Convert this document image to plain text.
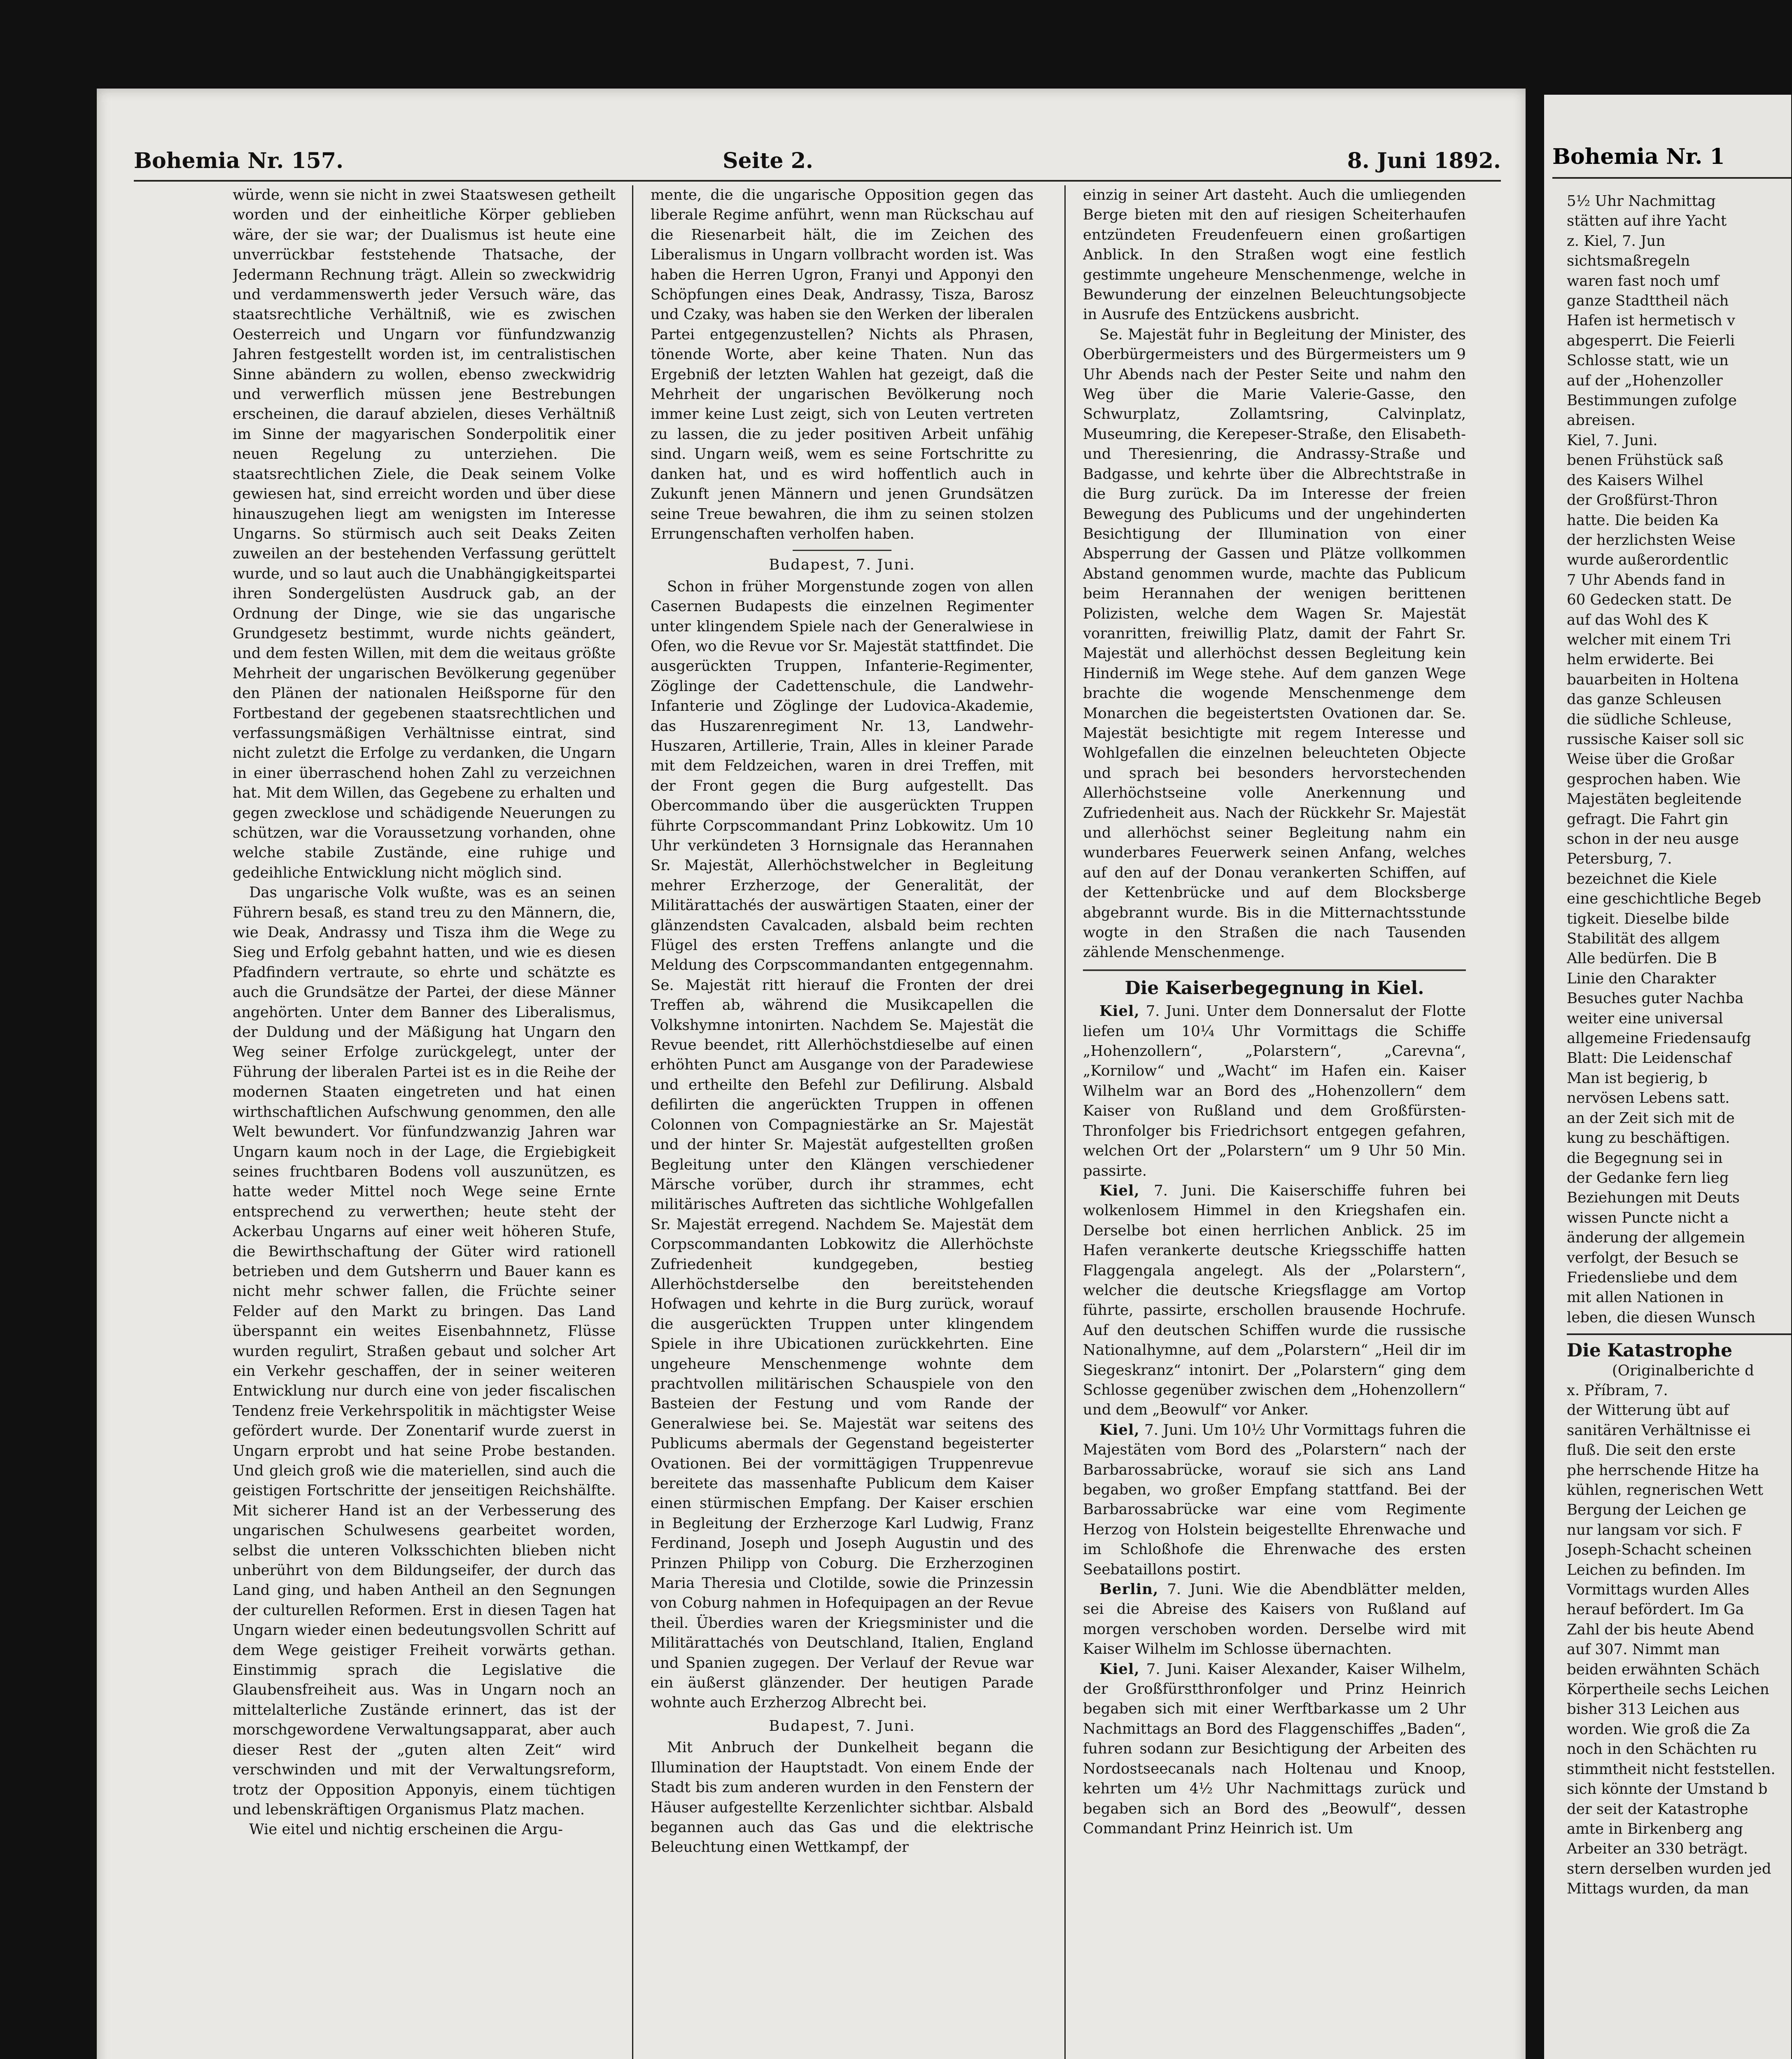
Bohemia Nr. 157.	Seite 2.	8. Juni 1892.

würde, wenn sie nicht in zwei Staatswesen getheilt worden und der einheitliche Körper geblieben wäre, der sie war; der Dualismus ist heute eine unverrückbar feststehende Thatsache, der Jedermann Rechnung trägt. Allein so zweckwidrig und verdammenswerth jeder Versuch wäre, das staatsrechtliche Verhältniß, wie es zwischen Oesterreich und Ungarn vor fünfundzwanzig Jahren festgestellt worden ist, im centralistischen Sinne abändern zu wollen, ebenso zweckwidrig und verwerflich müssen jene Bestrebungen erscheinen, die darauf abzielen, dieses Verhältniß im Sinne der magyarischen Sonderpolitik einer neuen Regelung zu unterziehen. Die staatsrechtlichen Ziele, die Deak seinem Volke gewiesen hat, sind erreicht worden und über diese hinauszugehen liegt am wenigsten im Interesse Ungarns. So stürmisch auch seit Deaks Zeiten zuweilen an der bestehenden Verfassung gerüttelt wurde, und so laut auch die Unabhängigkeitspartei ihren Sondergelüsten Ausdruck gab, an der Ordnung der Dinge, wie sie das ungarische Grundgesetz bestimmt, wurde nichts geändert, und dem festen Willen, mit dem die weitaus größte Mehrheit der ungarischen Bevölkerung gegenüber den Plänen der nationalen Heißsporne für den Fortbestand der gegebenen staatsrechtlichen und verfassungsmäßigen Verhältnisse eintrat, sind nicht zuletzt die Erfolge zu verdanken, die Ungarn in einer überraschend hohen Zahl zu verzeichnen hat. Mit dem Willen, das Gegebene zu erhalten und gegen zwecklose und schädigende Neuerungen zu schützen, war die Voraussetzung vorhanden, ohne welche stabile Zustände, eine ruhige und gedeihliche Entwicklung nicht möglich sind.

Das ungarische Volk wußte, was es an seinen Führern besaß, es stand treu zu den Männern, die, wie Deak, Andrassy und Tisza ihm die Wege zu Sieg und Erfolg gebahnt hatten, und wie es diesen Pfadfindern vertraute, so ehrte und schätzte es auch die Grundsätze der Partei, der diese Männer angehörten. Unter dem Banner des Liberalismus, der Duldung und der Mäßigung hat Ungarn den Weg seiner Erfolge zurückgelegt, unter der Führung der liberalen Partei ist es in die Reihe der modernen Staaten eingetreten und hat einen wirthschaftlichen Aufschwung genommen, den alle Welt bewundert. Vor fünfundzwanzig Jahren war Ungarn kaum noch in der Lage, die Ergiebigkeit seines fruchtbaren Bodens voll auszunützen, es hatte weder Mittel noch Wege seine Ernte entsprechend zu verwerthen; heute steht der Ackerbau Ungarns auf einer weit höheren Stufe, die Bewirthschaftung der Güter wird rationell betrieben und dem Gutsherrn und Bauer kann es nicht mehr schwer fallen, die Früchte seiner Felder auf den Markt zu bringen. Das Land überspannt ein weites Eisenbahnnetz, Flüsse wurden regulirt, Straßen gebaut und solcher Art ein Verkehr geschaffen, der in seiner weiteren Entwicklung nur durch eine von jeder fiscalischen Tendenz freie Verkehrspolitik in mächtigster Weise gefördert wurde. Der Zonentarif wurde zuerst in Ungarn erprobt und hat seine Probe bestanden. Und gleich groß wie die materiellen, sind auch die geistigen Fortschritte der jenseitigen Reichshälfte. Mit sicherer Hand ist an der Verbesserung des ungarischen Schulwesens gearbeitet worden, selbst die unteren Volksschichten blieben nicht unberührt von dem Bildungseifer, der durch das Land ging, und haben Antheil an den Segnungen der culturellen Reformen. Erst in diesen Tagen hat Ungarn wieder einen bedeutungsvollen Schritt auf dem Wege geistiger Freiheit vorwärts gethan. Einstimmig sprach die Legislative die Glaubensfreiheit aus. Was in Ungarn noch an mittelalterliche Zustände erinnert, das ist der morschgewordene Verwaltungsapparat, aber auch dieser Rest der „guten alten Zeit“ wird verschwinden und mit der Verwaltungsreform, trotz der Opposition Apponyis, einem tüchtigen und lebenskräftigen Organismus Platz machen.

Wie eitel und nichtig erscheinen die Argu-

mente, die die ungarische Opposition gegen das liberale Regime anführt, wenn man Rückschau auf die Riesenarbeit hält, die im Zeichen des Liberalismus in Ungarn vollbracht worden ist. Was haben die Herren Ugron, Franyi und Apponyi den Schöpfungen eines Deak, Andrassy, Tisza, Barosz und Czaky, was haben sie den Werken der liberalen Partei entgegenzustellen? Nichts als Phrasen, tönende Worte, aber keine Thaten. Nun das Ergebniß der letzten Wahlen hat gezeigt, daß die Mehrheit der ungarischen Bevölkerung noch immer keine Lust zeigt, sich von Leuten vertreten zu lassen, die zu jeder positiven Arbeit unfähig sind. Ungarn weiß, wem es seine Fortschritte zu danken hat, und es wird hoffentlich auch in Zukunft jenen Männern und jenen Grundsätzen seine Treue bewahren, die ihm zu seinen stolzen Errungenschaften verholfen haben.

Budapest, 7. Juni.

Schon in früher Morgenstunde zogen von allen Casernen Budapests die einzelnen Regimenter unter klingendem Spiele nach der Generalwiese in Ofen, wo die Revue vor Sr. Majestät stattfindet. Die ausgerückten Truppen, Infanterie-Regimenter, Zöglinge der Cadettenschule, die Landwehr-Infanterie und Zöglinge der Ludovica-Akademie, das Huszarenregiment Nr. 13, Landwehr-Huszaren, Artillerie, Train, Alles in kleiner Parade mit dem Feldzeichen, waren in drei Treffen, mit der Front gegen die Burg aufgestellt. Das Obercommando über die ausgerückten Truppen führte Corpscommandant Prinz Lobkowitz. Um 10 Uhr verkündeten 3 Hornsignale das Herannahen Sr. Majestät, Allerhöchstwelcher in Begleitung mehrer Erzherzoge, der Generalität, der Militärattachés der auswärtigen Staaten, einer der glänzendsten Cavalcaden, alsbald beim rechten Flügel des ersten Treffens anlangte und die Meldung des Corpscommandanten entgegennahm. Se. Majestät ritt hierauf die Fronten der drei Treffen ab, während die Musikcapellen die Volkshymne intonirten. Nachdem Se. Majestät die Revue beendet, ritt Allerhöchstdieselbe auf einen erhöhten Punct am Ausgange von der Paradewiese und ertheilte den Befehl zur Defilirung. Alsbald defilirten die angerückten Truppen in offenen Colonnen von Compagniestärke an Sr. Majestät und der hinter Sr. Majestät aufgestellten großen Begleitung unter den Klängen verschiedener Märsche vorüber, durch ihr strammes, echt militärisches Auftreten das sichtliche Wohlgefallen Sr. Majestät erregend. Nachdem Se. Majestät dem Corpscommandanten Lobkowitz die Allerhöchste Zufriedenheit kundgegeben, bestieg Allerhöchstderselbe den bereitstehenden Hofwagen und kehrte in die Burg zurück, worauf die ausgerückten Truppen unter klingendem Spiele in ihre Ubicationen zurückkehrten. Eine ungeheure Menschenmenge wohnte dem prachtvollen militärischen Schauspiele von den Basteien der Festung und vom Rande der Generalwiese bei. Se. Majestät war seitens des Publicums abermals der Gegenstand begeisterter Ovationen. Bei der vormittägigen Truppenrevue bereitete das massenhafte Publicum dem Kaiser einen stürmischen Empfang. Der Kaiser erschien in Begleitung der Erzherzoge Karl Ludwig, Franz Ferdinand, Joseph und Joseph Augustin und des Prinzen Philipp von Coburg. Die Erzherzoginen Maria Theresia und Clotilde, sowie die Prinzessin von Coburg nahmen in Hofequipagen an der Revue theil. Überdies waren der Kriegsminister und die Militärattachés von Deutschland, Italien, England und Spanien zugegen. Der Verlauf der Revue war ein äußerst glänzender. Der heutigen Parade wohnte auch Erzherzog Albrecht bei.

Budapest, 7. Juni.

Mit Anbruch der Dunkelheit begann die Illumination der Hauptstadt. Von einem Ende der Stadt bis zum anderen wurden in den Fenstern der Häuser aufgestellte Kerzenlichter sichtbar. Alsbald begannen auch das Gas und die elektrische Beleuchtung einen Wettkampf, der

einzig in seiner Art dasteht. Auch die umliegenden Berge bieten mit den auf riesigen Scheiterhaufen entzündeten Freudenfeuern einen großartigen Anblick. In den Straßen wogt eine festlich gestimmte ungeheure Menschenmenge, welche in Bewunderung der einzelnen Beleuchtungsobjecte in Ausrufe des Entzückens ausbricht.

Se. Majestät fuhr in Begleitung der Minister, des Oberbürgermeisters und des Bürgermeisters um 9 Uhr Abends nach der Pester Seite und nahm den Weg über die Marie Valerie-Gasse, den Schwurplatz, Zollamtsring, Calvinplatz, Museumring, die Kerepeser-Straße, den Elisabeth- und Theresienring, die Andrassy-Straße und Badgasse, und kehrte über die Albrechtstraße in die Burg zurück. Da im Interesse der freien Bewegung des Publicums und der ungehinderten Besichtigung der Illumination von einer Absperrung der Gassen und Plätze vollkommen Abstand genommen wurde, machte das Publicum beim Herannahen der wenigen berittenen Polizisten, welche dem Wagen Sr. Majestät voranritten, freiwillig Platz, damit der Fahrt Sr. Majestät und allerhöchst dessen Begleitung kein Hinderniß im Wege stehe. Auf dem ganzen Wege brachte die wogende Menschenmenge dem Monarchen die begeistertsten Ovationen dar. Se. Majestät besichtigte mit regem Interesse und Wohlgefallen die einzelnen beleuchteten Objecte und sprach bei besonders hervorstechenden Allerhöchstseine volle Anerkennung und Zufriedenheit aus. Nach der Rückkehr Sr. Majestät und allerhöchst seiner Begleitung nahm ein wunderbares Feuerwerk seinen Anfang, welches auf den auf der Donau verankerten Schiffen, auf der Kettenbrücke und auf dem Blocksberge abgebrannt wurde. Bis in die Mitternachtsstunde wogte in den Straßen die nach Tausenden zählende Menschenmenge.

Die Kaiserbegegnung in Kiel.

Kiel, 7. Juni. Unter dem Donnersalut der Flotte liefen um 10¼ Uhr Vormittags die Schiffe „Hohenzollern“, „Polarstern“, „Carevna“, „Kornilow“ und „Wacht“ im Hafen ein. Kaiser Wilhelm war an Bord des „Hohenzollern“ dem Kaiser von Rußland und dem Großfürsten-Thronfolger bis Friedrichsort entgegen gefahren, welchen Ort der „Polarstern“ um 9 Uhr 50 Min. passirte.

Kiel, 7. Juni. Die Kaiserschiffe fuhren bei wolkenlosem Himmel in den Kriegshafen ein. Derselbe bot einen herrlichen Anblick. 25 im Hafen verankerte deutsche Kriegsschiffe hatten Flaggengala angelegt. Als der „Polarstern“, welcher die deutsche Kriegsflagge am Vortop führte, passirte, erschollen brausende Hochrufe. Auf den deutschen Schiffen wurde die russische Nationalhymne, auf dem „Polarstern“ „Heil dir im Siegeskranz“ intonirt. Der „Polarstern“ ging dem Schlosse gegenüber zwischen dem „Hohenzollern“ und dem „Beowulf“ vor Anker.

Kiel, 7. Juni. Um 10½ Uhr Vormittags fuhren die Majestäten vom Bord des „Polarstern“ nach der Barbarossabrücke, worauf sie sich ans Land begaben, wo großer Empfang stattfand. Bei der Barbarossabrücke war eine vom Regimente Herzog von Holstein beigestellte Ehrenwache und im Schloßhofe die Ehrenwache des ersten Seebataillons postirt.

Berlin, 7. Juni. Wie die Abendblätter melden, sei die Abreise des Kaisers von Rußland auf morgen verschoben worden. Derselbe wird mit Kaiser Wilhelm im Schlosse übernachten.

Kiel, 7. Juni. Kaiser Alexander, Kaiser Wilhelm, der Großfürstthronfolger und Prinz Heinrich begaben sich mit einer Werftbarkasse um 2 Uhr Nachmittags an Bord des Flaggenschiffes „Baden“, fuhren sodann zur Besichtigung der Arbeiten des Nordostseecanals nach Holtenau und Knoop, kehrten um 4½ Uhr Nachmittags zurück und begaben sich an Bord des „Beowulf“, dessen Commandant Prinz Heinrich ist. Um

Bohemia Nr. 1

5½ Uhr Nachmittag

stätten auf ihre Yacht

z. Kiel, 7. Jun

sichtsmaßregeln

waren fast noch umf

ganze Stadttheil näch

Hafen ist hermetisch v

abgesperrt. Die Feierli

Schlosse statt, wie un

auf der „Hohenzoller

Bestimmungen zufolge

abreisen.

Kiel, 7. Juni.

benen Frühstück saß

des Kaisers Wilhel

der Großfürst-Thron

hatte. Die beiden Ka

der herzlichsten Weise

wurde außerordentlic

7 Uhr Abends fand in

60 Gedecken statt. De

auf das Wohl des K

welcher mit einem Tri

helm erwiderte. Bei

bauarbeiten in Holtena

das ganze Schleusen

die südliche Schleuse,

russische Kaiser soll sic

Weise über die Großar

gesprochen haben. Wie

Majestäten begleitende

gefragt. Die Fahrt gin

schon in der neu ausge

Petersburg, 7.

bezeichnet die Kiele

eine geschichtliche Begeb

tigkeit. Dieselbe bilde

Stabilität des allgem

Alle bedürfen. Die B

Linie den Charakter

Besuches guter Nachba

weiter eine universal

allgemeine Friedensaufg

Blatt: Die Leidenschaf

Man ist begierig, b

nervösen Lebens satt.

an der Zeit sich mit de

kung zu beschäftigen.

die Begegnung sei in

der Gedanke fern lieg

Beziehungen mit Deuts

wissen Puncte nicht a

änderung der allgemein

verfolgt, der Besuch se

Friedensliebe und dem

mit allen Nationen in

leben, die diesen Wunsch

Die Katastrophe

(Originalberichte d

x. Příbram, 7.

der Witterung übt auf

sanitären Verhältnisse ei

fluß. Die seit den erste

phe herrschende Hitze ha

kühlen, regnerischen Wett

Bergung der Leichen ge

nur langsam vor sich. F

Joseph-Schacht scheinen

Leichen zu befinden. Im

Vormittags wurden Alles

herauf befördert. Im Ga

Zahl der bis heute Abend

auf 307. Nimmt man

beiden erwähnten Schäch

Körpertheile sechs Leichen

bisher 313 Leichen aus

worden. Wie groß die Za

noch in den Schächten ru

stimmtheit nicht feststellen.

sich könnte der Umstand b

der seit der Katastrophe

amte in Birkenberg ang

Arbeiter an 330 beträgt.

stern derselben wurden jed

Mittags wurden, da man
